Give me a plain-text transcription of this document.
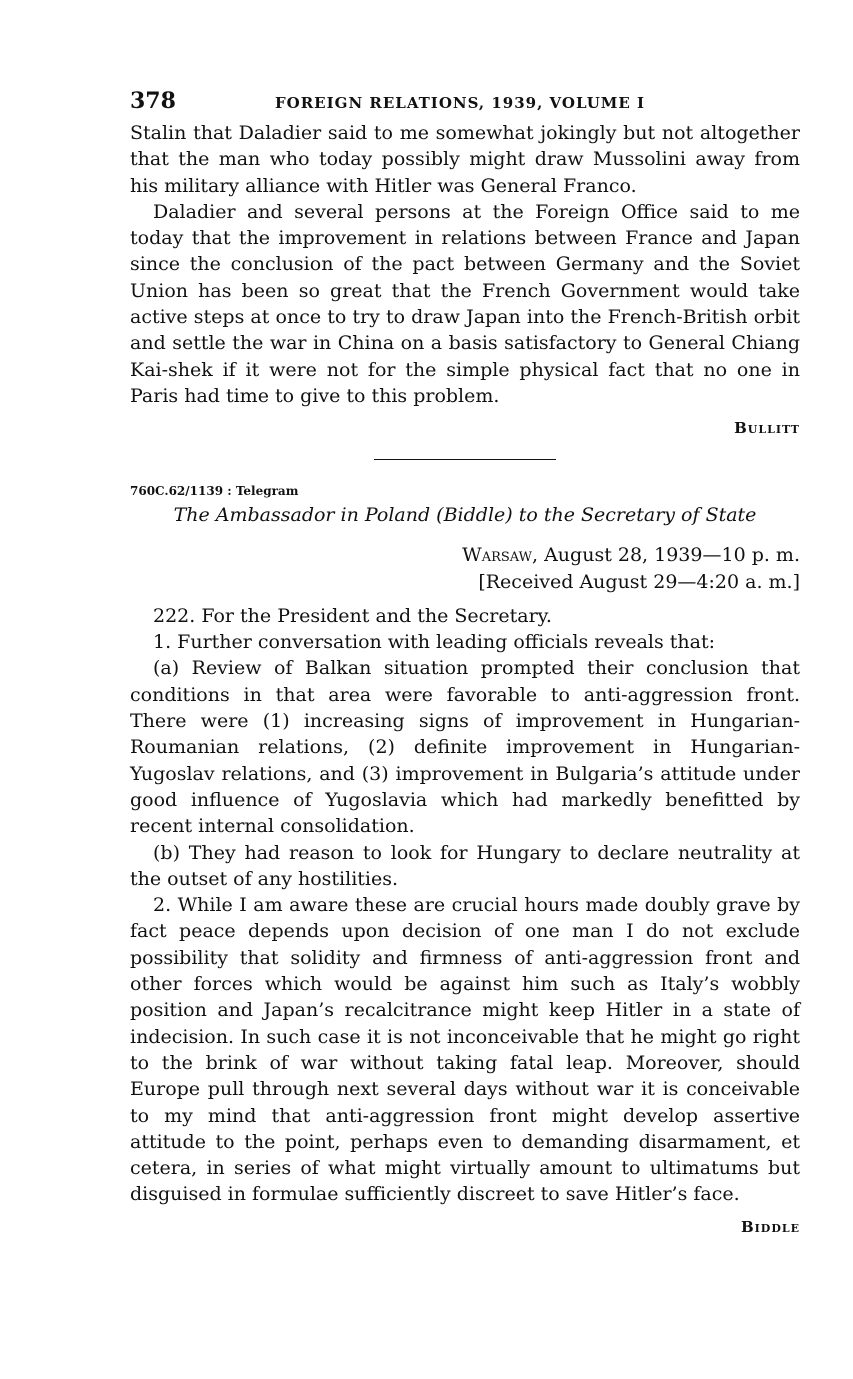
378	FOREIGN RELATIONS, 1939, VOLUME I

Stalin that Daladier said to me somewhat jokingly but not altogether that the man who today possibly might draw Mussolini away from his military alliance with Hitler was General Franco.

Daladier and several persons at the Foreign Office said to me today that the improvement in relations between France and Japan since the conclusion of the pact between Germany and the Soviet Union has been so great that the French Government would take active steps at once to try to draw Japan into the French-British orbit and settle the war in China on a basis satisfactory to General Chiang Kai-shek if it were not for the simple physical fact that no one in Paris had time to give to this problem.

Bullitt
760C.62/1139 : Telegram
The Ambassador in Poland (Biddle) to the Secretary of State
Warsaw, August 28, 1939—10 p. m.
[Received August 29—4:20 a. m.]

222. For the President and the Secretary.

1. Further conversation with leading officials reveals that:

(a) Review of Balkan situation prompted their conclusion that conditions in that area were favorable to anti-aggression front. There were (1) increasing signs of improvement in Hungarian-Roumanian relations, (2) definite improvement in Hungarian-Yugoslav relations, and (3) improvement in Bulgaria’s attitude under good influence of Yugoslavia which had markedly benefitted by recent internal consolidation.

(b) They had reason to look for Hungary to declare neutrality at the outset of any hostilities.

2. While I am aware these are crucial hours made doubly grave by fact peace depends upon decision of one man I do not exclude possibility that solidity and firmness of anti-aggression front and other forces which would be against him such as Italy’s wobbly position and Japan’s recalcitrance might keep Hitler in a state of indecision. In such case it is not inconceivable that he might go right to the brink of war without taking fatal leap. Moreover, should Europe pull through next several days without war it is conceivable to my mind that anti-aggression front might develop assertive attitude to the point, perhaps even to demanding disarmament, et cetera, in series of what might virtually amount to ultimatums but disguised in formulae sufficiently discreet to save Hitler’s face.

Biddle
